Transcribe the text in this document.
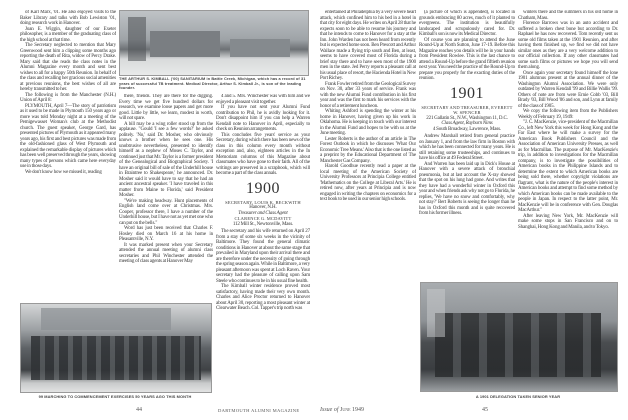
of Karl Marx, '01. He also enjoyed visits to the Baker Library and talks with Bob Lewiston '01, doing research work in Hanover.

Joan E. Wiggin, daughter of our Exeter philosopher, is a member of the graduating class of the high school at that time.

The Secretary neglected to mention that Mary Greenwood sent him a clipping some months ago reporting the death of Rita, widow of Percy Drake. Mary said that she reads the class notes in the Alumni Magazine every month and sent best wishes to all for a happy 50th Reunion. In behalf of the class and recalling her gracious social amenities at previous reunions, the best wishes of all are hereby transmitted to her.

The following is from the Manchester (N.H.) Union of April 8:

PLYMOUTH, April 7—The story of patriotism as it used to be made in Plymouth 150 years ago or more was told Monday night at a meeting of the Pemigewasset Woman's club at the Methodist church. The guest speaker, George Gard, has presented pictures of Plymouth as it appeared many years ago, his first and best pictures was made from the old-fashioned glass of West Plymouth and explained the remarkable display of pictures which has been well preserved through the years, showing many types of persons which came here everyday use in those days.

We don't know how we missed it, reading

THE ARTHUR S. KIMBALL ('00) SANITARIUM in Battle Creek, Michigan, which has a record of 31 years of successful TB treatment. Medical Director, Arthur S. Kimball Jr., is son of the leading founder.

there, friends. They are there for the digging. Every time we get five hundred dollars for research, we examine loose papers and get more good. Little by little, we learn, modest in worth, will not spare.

A bill may be a wing roller stood up from the applause. "Gould 'I see a few words?' he asked politely. 'No,' said Dr. Mosher, who obviously knows a brother when he sees one. His unobtrusive nevertheless, presented to identify himself as a nephew of Moses C. Taylor, and continued just that Mr. Taylor is a former president of the Genealogical and Biographical Society. 'I have an original bill of sale of the Underhill house in Braintree to Shakespeare,' he announced. Dr. Mosher said it would have to say that he had an ancient ancestral speaker. 'I have traveled in this matter from Maine to Florida,' said President Mosher.

"We're making headway. Hunt placements of English land come over at Christmas. Mrs. Cooper, professor there, I have a number of the Underhill house, but I have not as yet met one who can put on the bells."

Word has just been received that Charles F. Hosley died on March 16 at his home in Pleasantville, N.Y.

It was marked present when your Secretary attended the annual meeting of alumni class secretaries and Phil Winchester attended the meeting of class agents at Hanover May

4 and 5. Mrs. Winchester was with him and we enjoyed a pleasant visit together.

If you have not sent your Alumni Fund contribution to Phil, he is avidly looking for it. Don't disappoint him if you can help a Warren Kendall note to Hanover in April, especially to check on Reunion arrangements.

This concludes five years' service as your Secretary, during which there has been news of the class in this column every month without exception and, also, eighteen articles in the In Memoriam columns of this Magazine about classmates who have gone to their faith. All of the writings are preserved in a scrapbook, which will become a part of the class annals.

1900

SECRETARY, LOUIS K. BECKWITH

Hanover, N.H.

Treasurer and Class Agent

CLARENCE G. MCDAVITT

112 Mill St., Newtonville, Mass.

The secretary and his wife returned on April 27 from a stay of some six weeks in the vicinity of Baltimore. They found the general climatic conditions in Hanover at about the same stage that prevailed in Maryland upon their arrival there and are therefore under the necessity of going through the spring season again. While in Baltimore, a very pleasant afternoon was spent at Loch Raven. Your secretary had the pleasure of calling upon Sam Steele who continues to be in his usual fine health.

The Kimball winter residence proved most satisfactory, having made their very own month. Charles and Alice Proctor returned to Hanover about April 30, reporting a most pleasant winter at Clearwater Beach. Col. Tapper's trip north was

99 MARCHING TO COMMENCEMENT EXERCISES 50 YEARS AGO THIS MONTH
44	DARTMOUTH ALUMNI MAGAZINE

entertained at Philadelphia by a very severe heart attack, which confined him to his bed in a hotel in that city for eight days. He writes on April 28 that he expects soon to be able to resume his journey and that he intends to come to Hanover for a stay at the Inn. John Warden has not been heard from recently but is expected home soon. Ben Prescott and Arthur Wallace made a flying trip south and Ben, at least, seems to have covered most of Florida during a brief stay there and to have seen most of the 1900 men in the state. Jed Perry reports a pleasant call at his usual place of resort, the Hacienda Hotel in New Port Richey.

Frank Fowler retired from the Geological Survey on Nov. 30, after 33 years of service. Frank was with the new Alumni Fund contribution in his first year and was the first to mark his services with the honor of a retirement luncheon.

Whiting Ashford is spending the winter at his home in Hanover, having given up his work in Oklahoma. He is keeping in touch with our interest in the Alumni Fund and hopes to be with us at the June meeting.

Lester Roberts is the author of an article in The Forest Outlook in which he discusses 'What Our Economic Tree Means.' Also that is the one listed as a preprint by the Educational Department of The Manchester Gas Company.

Harold Goodhue recently read a paper at the local meeting of the American Society of University Professors at Principia College entitled 'Mathematics on the College at Liberal Arts.' He is retired now, after years at Principia and is now engaged in writing the chapters on economics for a text book to be used in our senior high schools.

(a picture of which is appended), is located in grounds embracing 80 acres, much of it planted to evergreens. The institution is beautifully landscaped and scrupulously cared for. Dr. Kimball's son is now its Medical Director.

Of course you are planning to attend the June Round-Up at North Sutton, June 17-19. Before this Magazine reaches you details will be in your hands from President Rowlee. This is the last chance to attend a Round-Up before the grand fiftieth reunion next year. You need the practice of the Round-Up to prepare you properly for the exacting duties of the reunion.

1901

SECRETARY AND TREASURER, EVERETT W. SPENCER

221 Gallatin St., N.W., Washington 11, D.C.

Class Agent, Rayburn Nims

4 South Broadway, Lawrence, Mass.

Andrew Marshall retired from general practice on January 1, and from the law firm in Boston with which he has been connected for many years. He is still retaining some trusteeships, and continues to have his office at 49 Federal Street.

And Warren has been laid up in Dick's House at Hanover with a severe attack of bronchial pneumonia, but at last account the X-ray showed that the spot on his lung had gone. And writes that they have had a wonderful winter in Oxford this year and when friends ask why not go to Florida, he replies, 'We have no snow and comfortably, why not stay?' Bert Roberts is seeing the longer than he has in Oxford this month and is quite recovered from his former illness.

winters there and the summers in his old home in Chatham, Mass.

Florence Barrows was in an auto accident and suffered a broken chest bone but according to Dr. Raphael he has now recovered. Tom recently sent us some old films taken at the 1901 Reunion, and after having them finished up, we find we did not have similar ones as they are a very welcome addition to our official collection. If any other classmates had some such films or pictures we hope you will send them along.

Once again your secretary found himself the lone 1901 alumnus present at the annual dinner of the Washington Alumni Association. We were only outdated by Warren Kendall '99 and Billie Wallis '99. Others of note are from were Ernie Cobb '03, Bill Brady '03, Bill Wood '06 and son, and Lynn at family of the class of 1905.

We copy the following item from the Publishers Weekly of February 19, 1949:

"J. C. MacKenzie, vice-president of the Macmillan Co., left New York this week for Hong Kong and the Far East where he will make a survey for the American Book Publishers Council and the Association of American University Presses, as well as for Macmillan. The purpose of Mr. MacKenzie's trip, in addition to investigations for the Macmillan company, is to investigate the possibilities of American books in the Philippine Islands and to determine the extent to which American books are being sold there, whether copyright violations are flagrant, what is the nature of the people's interest in American books and attempt to find some method by which American books can be made available to the people in Japan. In respect to the latter point, Mr. MacKenzie will be in conference with Gen. Douglas MacArthur."

After leaving New York, Mr. MacKenzie will make some stops in San Francisco and on to Shanghai, Hong Kong and Manila, and to Tokyo.

A 1901 DELEGATION TAKEN SENIOR YEAR
Issue of June 1949	45
